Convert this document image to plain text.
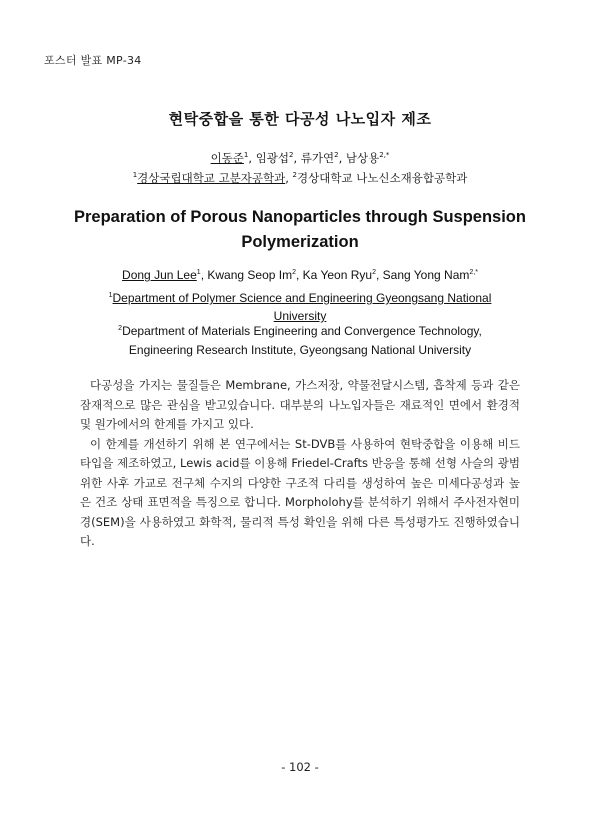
포스터 발표 MP-34
현탁중합을 통한 다공성 나노입자 제조
이동준$^1$, 임광섭$^2$, 류가연$^2$, 남상용$^{2,*}$
$^1$경상국립대학교 고분자공학과, $^2$경상대학교 나노신소재융합공학과
Preparation of Porous Nanoparticles through Suspension
Polymerization
Dong Jun Lee$^1$, Kwang Seop Im$^2$, Ka Yeon Ryu$^2$, Sang Yong Nam$^{2,*}$
$^1$Department of Polymer Science and Engineering Gyeongsang National
University
$^2$Department of Materials Engineering and Convergence Technology,
Engineering Research Institute, Gyeongsang National University

다공성을 가지는 물질들은 Membrane, 가스저장, 약물전달시스템, 흡착제 등과 같은 잠재적으로 많은 관심을 받고있습니다. 대부분의 나노입자들은 재료적인 면에서 환경적 및 원가에서의 한계를 가지고 있다.

이 한계를 개선하기 위해 본 연구에서는 St-DVB를 사용하여 현탁중합을 이용해 비드타입을 제조하였고, Lewis acid를 이용해 Friedel-Crafts 반응을 통해 선형 사슬의 광범위한 사후 가교로 전구체 수지의 다양한 구조적 다리를 생성하여 높은 미세다공성과 높은 건조 상태 표면적을 특징으로 합니다. Morpholohy를 분석하기 위해서 주사전자현미경(SEM)을 사용하였고 화학적, 물리적 특성 확인을 위해 다른 특성평가도 진행하였습니다.

- 102 -
